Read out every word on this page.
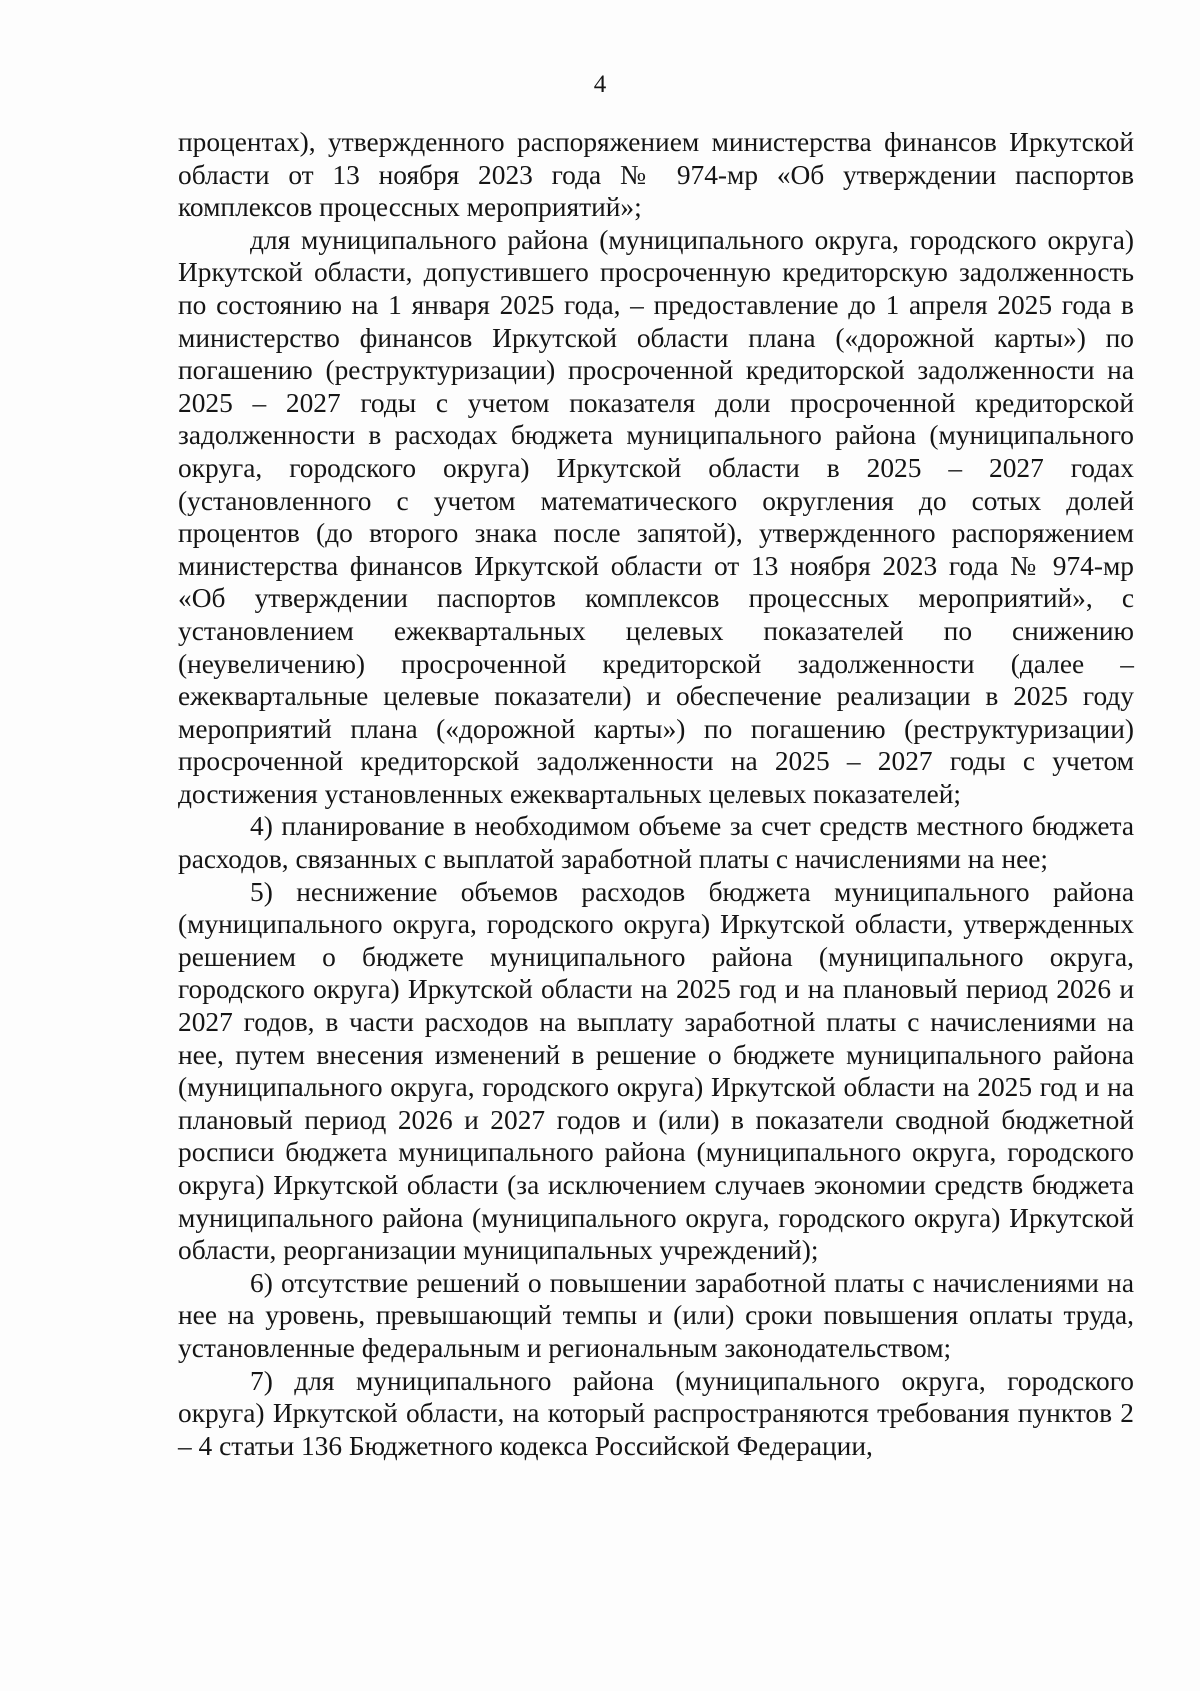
4

процентах), утвержденного распоряжением министерства финансов Иркутской области от 13 ноября 2023 года № 974-мр «Об утверждении паспортов комплексов процессных мероприятий»;

для муниципального района (муниципального округа, городского округа) Иркутской области, допустившего просроченную кредиторскую задолженность по состоянию на 1 января 2025 года, – предоставление до 1 апреля 2025 года в министерство финансов Иркутской области плана («дорожной карты») по погашению (реструктуризации) просроченной кредиторской задолженности на 2025 – 2027 годы с учетом показателя доли просроченной кредиторской задолженности в расходах бюджета муниципального района (муниципального округа, городского округа) Иркутской области в 2025 – 2027 годах (установленного с учетом математического округления до сотых долей процентов (до второго знака после запятой), утвержденного распоряжением министерства финансов Иркутской области от 13 ноября 2023 года № 974-мр «Об утверждении паспортов комплексов процессных мероприятий», с установлением ежеквартальных целевых показателей по снижению (неувеличению) просроченной кредиторской задолженности (далее – ежеквартальные целевые показатели) и обеспечение реализации в 2025 году мероприятий плана («дорожной карты») по погашению (реструктуризации) просроченной кредиторской задолженности на 2025 – 2027 годы с учетом достижения установленных ежеквартальных целевых показателей;

4) планирование в необходимом объеме за счет средств местного бюджета расходов, связанных с выплатой заработной платы с начислениями на нее;

5) неснижение объемов расходов бюджета муниципального района (муниципального округа, городского округа) Иркутской области, утвержденных решением о бюджете муниципального района (муниципального округа, городского округа) Иркутской области на 2025 год и на плановый период 2026 и 2027 годов, в части расходов на выплату заработной платы с начислениями на нее, путем внесения изменений в решение о бюджете муниципального района (муниципального округа, городского округа) Иркутской области на 2025 год и на плановый период 2026 и 2027 годов и (или) в показатели сводной бюджетной росписи бюджета муниципального района (муниципального округа, городского округа) Иркутской области (за исключением случаев экономии средств бюджета муниципального района (муниципального округа, городского округа) Иркутской области, реорганизации муниципальных учреждений);

6) отсутствие решений о повышении заработной платы с начислениями на нее на уровень, превышающий темпы и (или) сроки повышения оплаты труда, установленные федеральным и региональным законодательством;

7) для муниципального района (муниципального округа, городского округа) Иркутской области, на который распространяются требования пунктов 2 – 4 статьи 136 Бюджетного кодекса Российской Федерации,
